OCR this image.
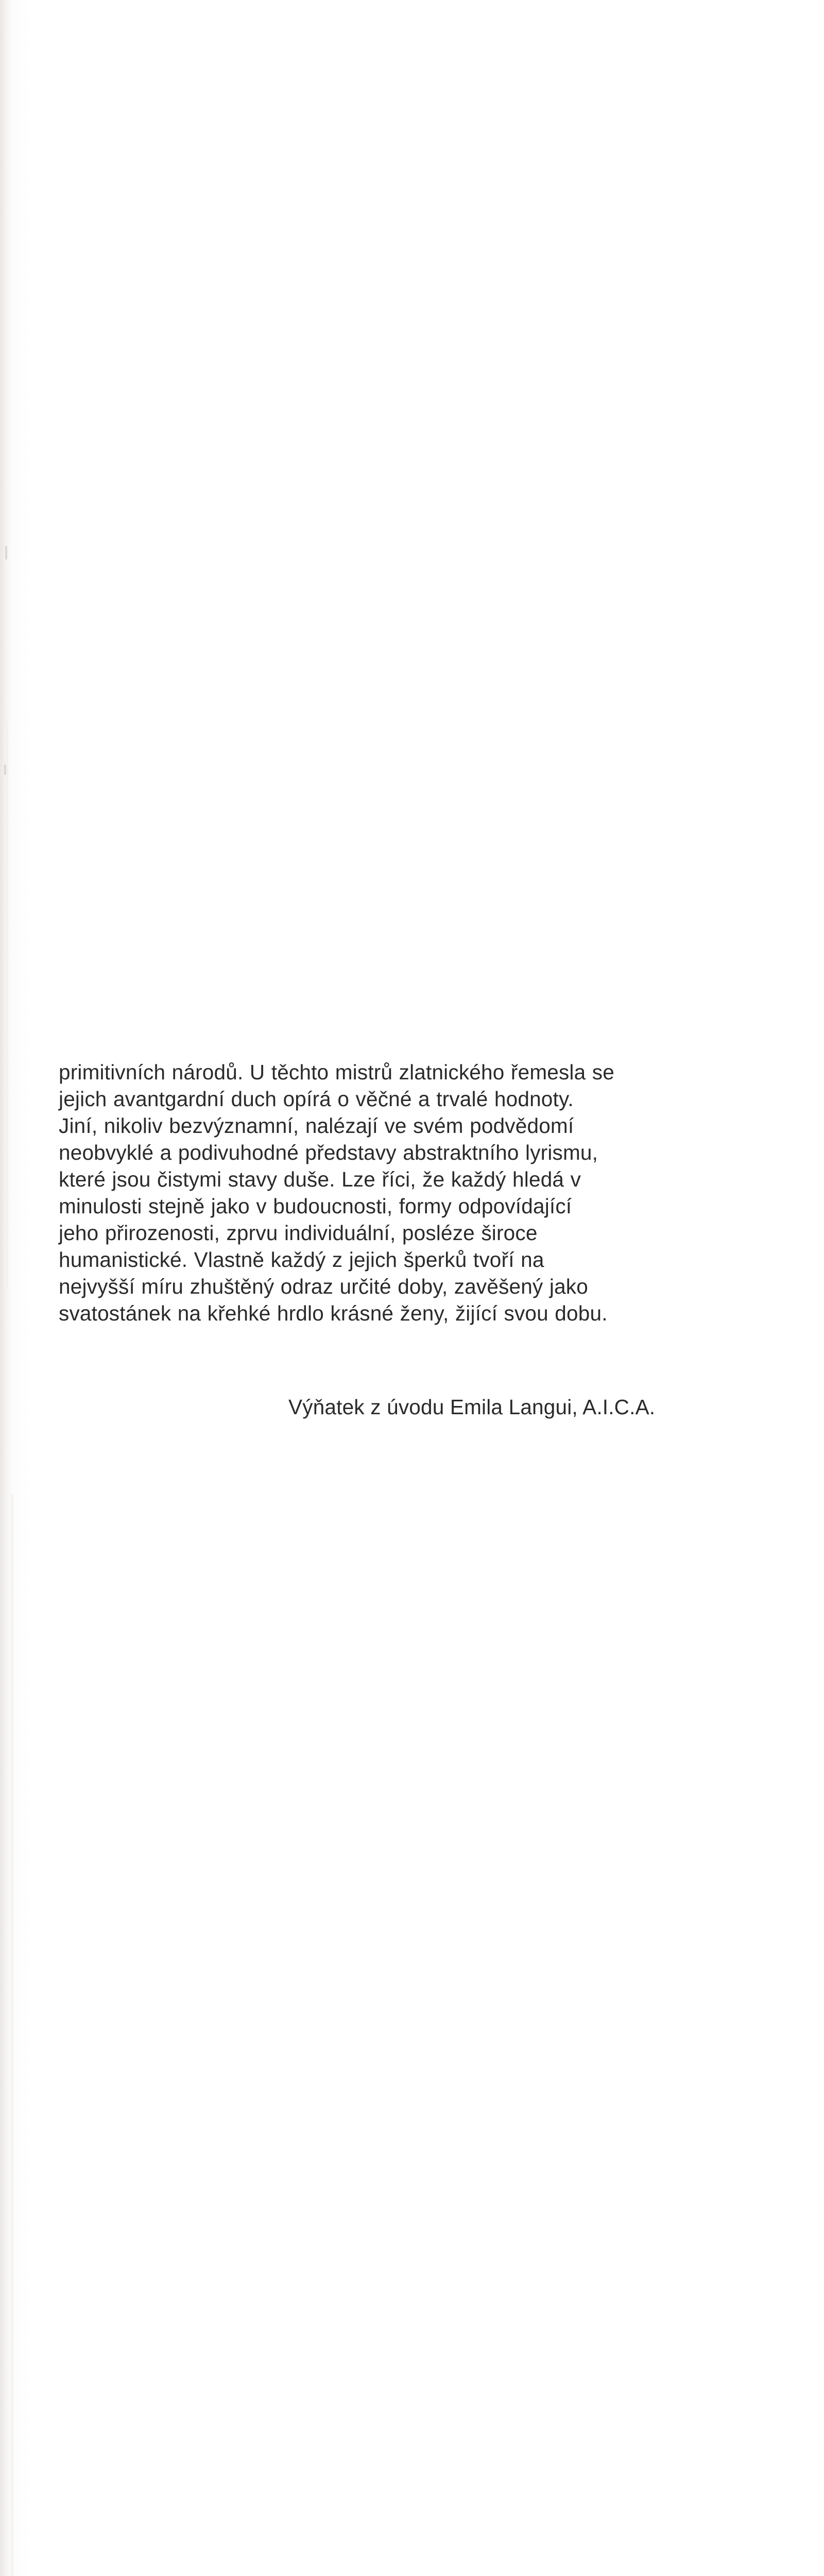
primitivních národů. U těchto mistrů zlatnického řemesla se
jejich avantgardní duch opírá o věčné a trvalé hodnoty.
Jiní, nikoliv bezvýznamní, nalézají ve svém podvědomí
neobvyklé a podivuhodné představy abstraktního lyrismu,
které jsou čistymi stavy duše. Lze říci, že každý hledá v
minulosti stejně jako v budoucnosti, formy odpovídající
jeho přirozenosti, zprvu individuální, posléze široce
humanistické. Vlastně každý z jejich šperků tvoří na
nejvyšší míru zhuštěný odraz určité doby, zavěšený jako
svatostánek na křehké hrdlo krásné ženy, žijící svou dobu.
Výňatek z úvodu Emila Langui, A.I.C.A.
